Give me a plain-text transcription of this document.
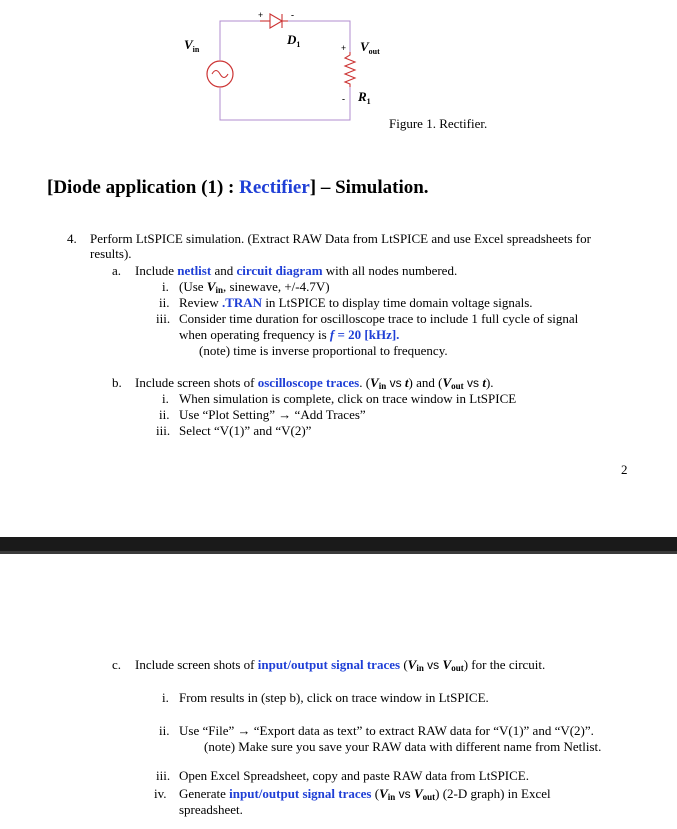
+	-
$V_{in}$
$D_1$	+ $V_{out}$
$R_1$
-
Figure 1. Rectifier.
[Diode application (1) : Rectifier] – Simulation.
4. Perform LtSPICE simulation. (Extract RAW Data from LtSPICE and use Excel spreadsheets for
results).
a. Include netlist and circuit diagram with all nodes numbered.
i. (Use $V_{in}$, sinewave, +/-4.7V)
ii. Review .TRAN in LtSPICE to display time domain voltage signals.
iii. Consider time duration for oscilloscope trace to include 1 full cycle of signal
when operating frequency is f = 20 [kHz].
(note) time is inverse proportional to frequency.
b. Include screen shots of oscilloscope traces. ($V_{in}$ vs t) and ($V_{out}$ vs t).
i. When simulation is complete, click on trace window in LtSPICE
ii. Use “Plot Setting” → “Add Traces”
iii. Select “V(1)” and “V(2)”
2
c. Include screen shots of input/output signal traces ($V_{in}$ vs $V_{out}$) for the circuit.
i. From results in (step b), click on trace window in LtSPICE.
ii. Use “File” → “Export data as text” to extract RAW data for “V(1)” and “V(2)”.
(note) Make sure you save your RAW data with different name from Netlist.
iii. Open Excel Spreadsheet, copy and paste RAW data from LtSPICE.
iv. Generate input/output signal traces ($V_{in}$ vs $V_{out}$) (2-D graph) in Excel
spreadsheet.
